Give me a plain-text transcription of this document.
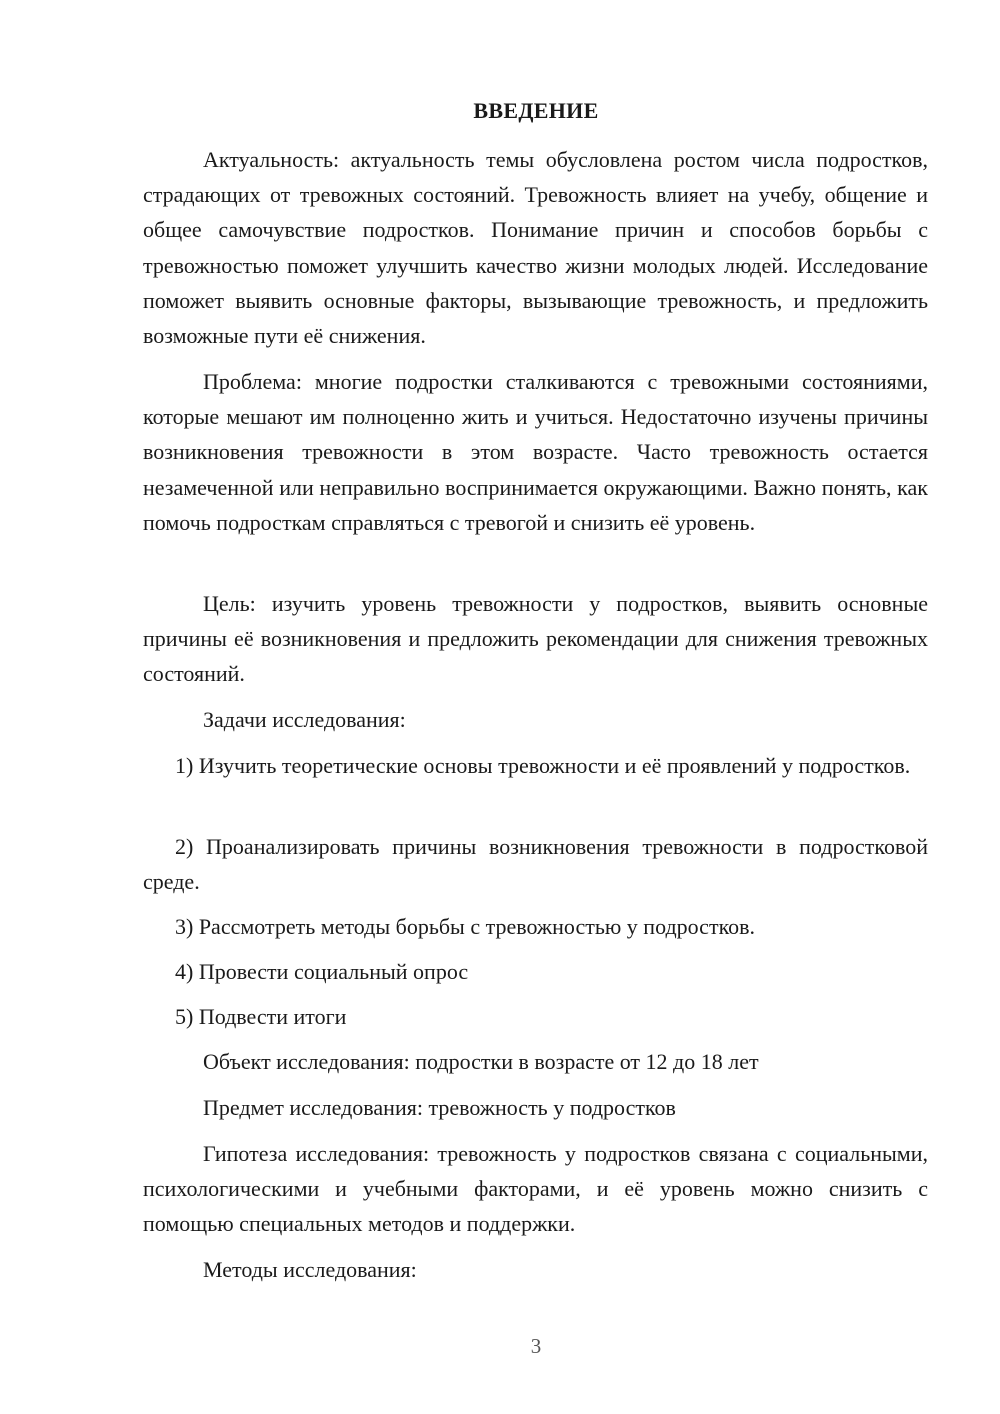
ВВЕДЕНИЕ

Актуальность: актуальность темы обусловлена ростом числа подростков, страдающих от тревожных состояний. Тревожность влияет на учебу, общение и общее самочувствие подростков. Понимание причин и способов борьбы с тревожностью поможет улучшить качество жизни молодых людей. Исследование поможет выявить основные факторы, вызывающие тревожность, и предложить возможные пути её снижения.

Проблема: многие подростки сталкиваются с тревожными состояниями, которые мешают им полноценно жить и учиться. Недостаточно изучены причины возникновения тревожности в этом возрасте. Часто тревожность остается незамеченной или неправильно воспринимается окружающими. Важно понять, как помочь подросткам справляться с тревогой и снизить её уровень.

Цель: изучить уровень тревожности у подростков, выявить основные причины её возникновения и предложить рекомендации для снижения тревожных состояний.

Задачи исследования:

1) Изучить теоретические основы тревожности и её проявлений у подростков.

2) Проанализировать причины возникновения тревожности в подростковой среде.

3) Рассмотреть методы борьбы с тревожностью у подростков.

4) Провести социальный опрос

5) Подвести итоги

Объект исследования: подростки в возрасте от 12 до 18 лет

Предмет исследования: тревожность у подростков

Гипотеза исследования: тревожность у подростков связана с социальными, психологическими и учебными факторами, и её уровень можно снизить с помощью специальных методов и поддержки.

Методы исследования:

3
